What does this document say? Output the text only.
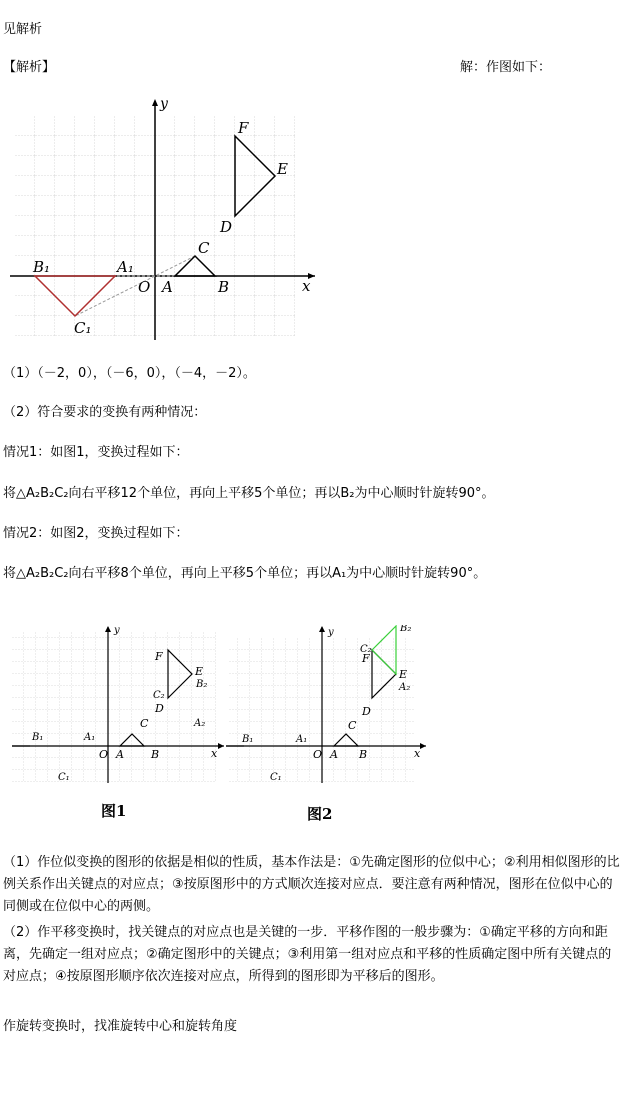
见解析
【解析】	解：作图如下：
y
x
O A	B
C
D
E
F
A₁
B₁
C₁
（1）（－2，0），（－6，0），（－4，－2）。
（2）符合要求的变换有两种情况：
情况1：如图1，变换过程如下：
将△A₂B₂C₂向右平移12个单位，再向上平移5个单位；再以B₂为中心顺时针旋转90°。
情况2：如图2，变换过程如下：
将△A₂B₂C₂向右平移8个单位，再向上平移5个单位；再以A₁为中心顺时针旋转90°。
y
x
O A B
C
D
E
B₂
F
C₂
A₂
A₁
B₁
C₁
图1
y
x
O A B
C
D
E
A₂
F
C₂
B₂
A₁
B₁
C₁
图2
（1）作位似变换的图形的依据是相似的性质，基本作法是：①先确定图形的位似中心；②利用相似图形的比例关系作出关键点的对应点；③按原图形中的方式顺次连接对应点．要注意有两种情况，图形在位似中心的同侧或在位似中心的两侧。
（2）作平移变换时，找关键点的对应点也是关键的一步．平移作图的一般步骤为：①确定平移的方向和距离，先确定一组对应点；②确定图形中的关键点；③利用第一组对应点和平移的性质确定图中所有关键点的对应点；④按原图形顺序依次连接对应点，所得到的图形即为平移后的图形。
作旋转变换时，找准旋转中心和旋转角度
